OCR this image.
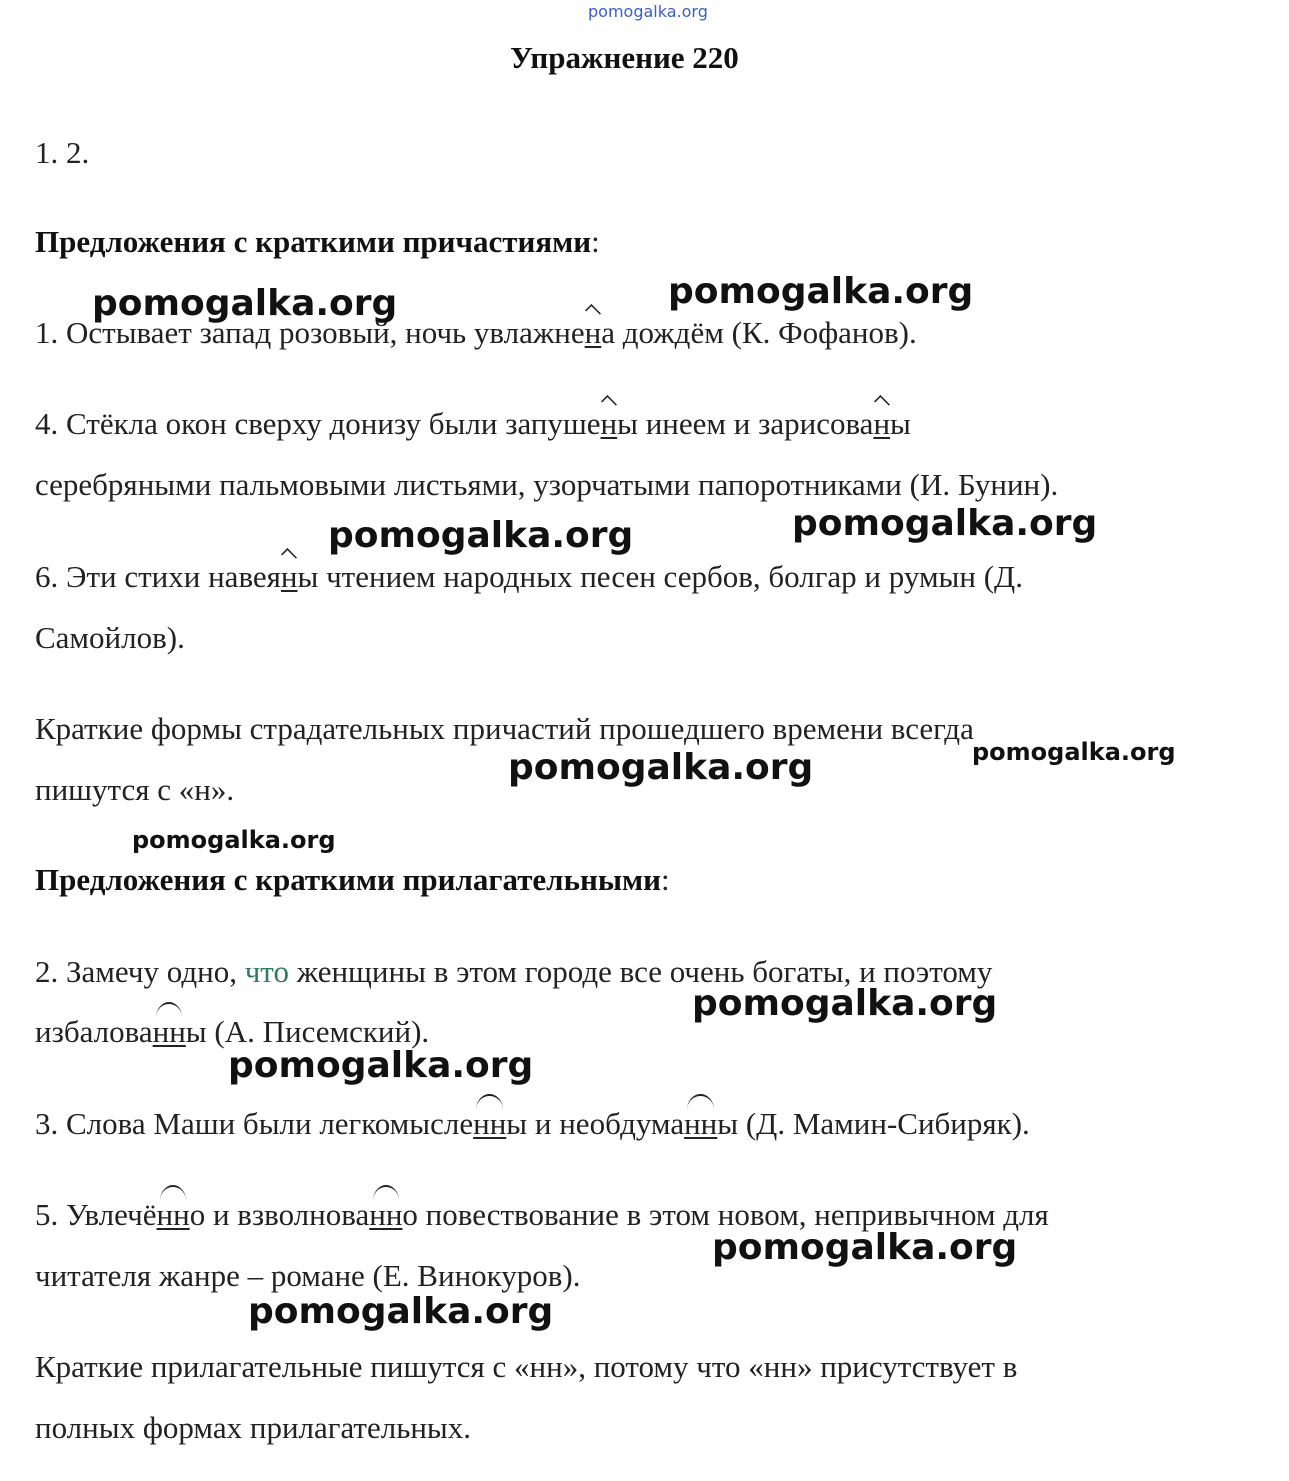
pomogalka.org
Упражнение 220
1. 2.
Предложения с краткими причастиями:
1. Остывает запад розовый, ночь увлажнена дождём (К. Фофанов).
4. Стёкла окон сверху донизу были запушены инеем и зарисованы
серебряными пальмовыми листьями, узорчатыми папоротниками (И. Бунин).
6. Эти стихи навеяны чтением народных песен сербов, болгар и румын (Д.
Самойлов).
Краткие формы страдательных причастий прошедшего времени всегда
пишутся с «н».
Предложения с краткими прилагательными:
2. Замечу одно, что женщины в этом городе все очень богаты, и поэтому
избалованны (А. Писемский).
3. Слова Маши были легкомысленны и необдуманны (Д. Мамин-Сибиряк).
5. Увлечённо и взволнованно повествование в этом новом, непривычном для
читателя жанре – романе (Е. Винокуров).
Краткие прилагательные пишутся с «нн», потому что «нн» присутствует в
полных формах прилагательных.
pomogalka.org	pomogalka.org
pomogalka.org	pomogalka.org
pomogalka.org	pomogalka.org
pomogalka.org
pomogalka.org
pomogalka.org
pomogalka.org
pomogalka.org
